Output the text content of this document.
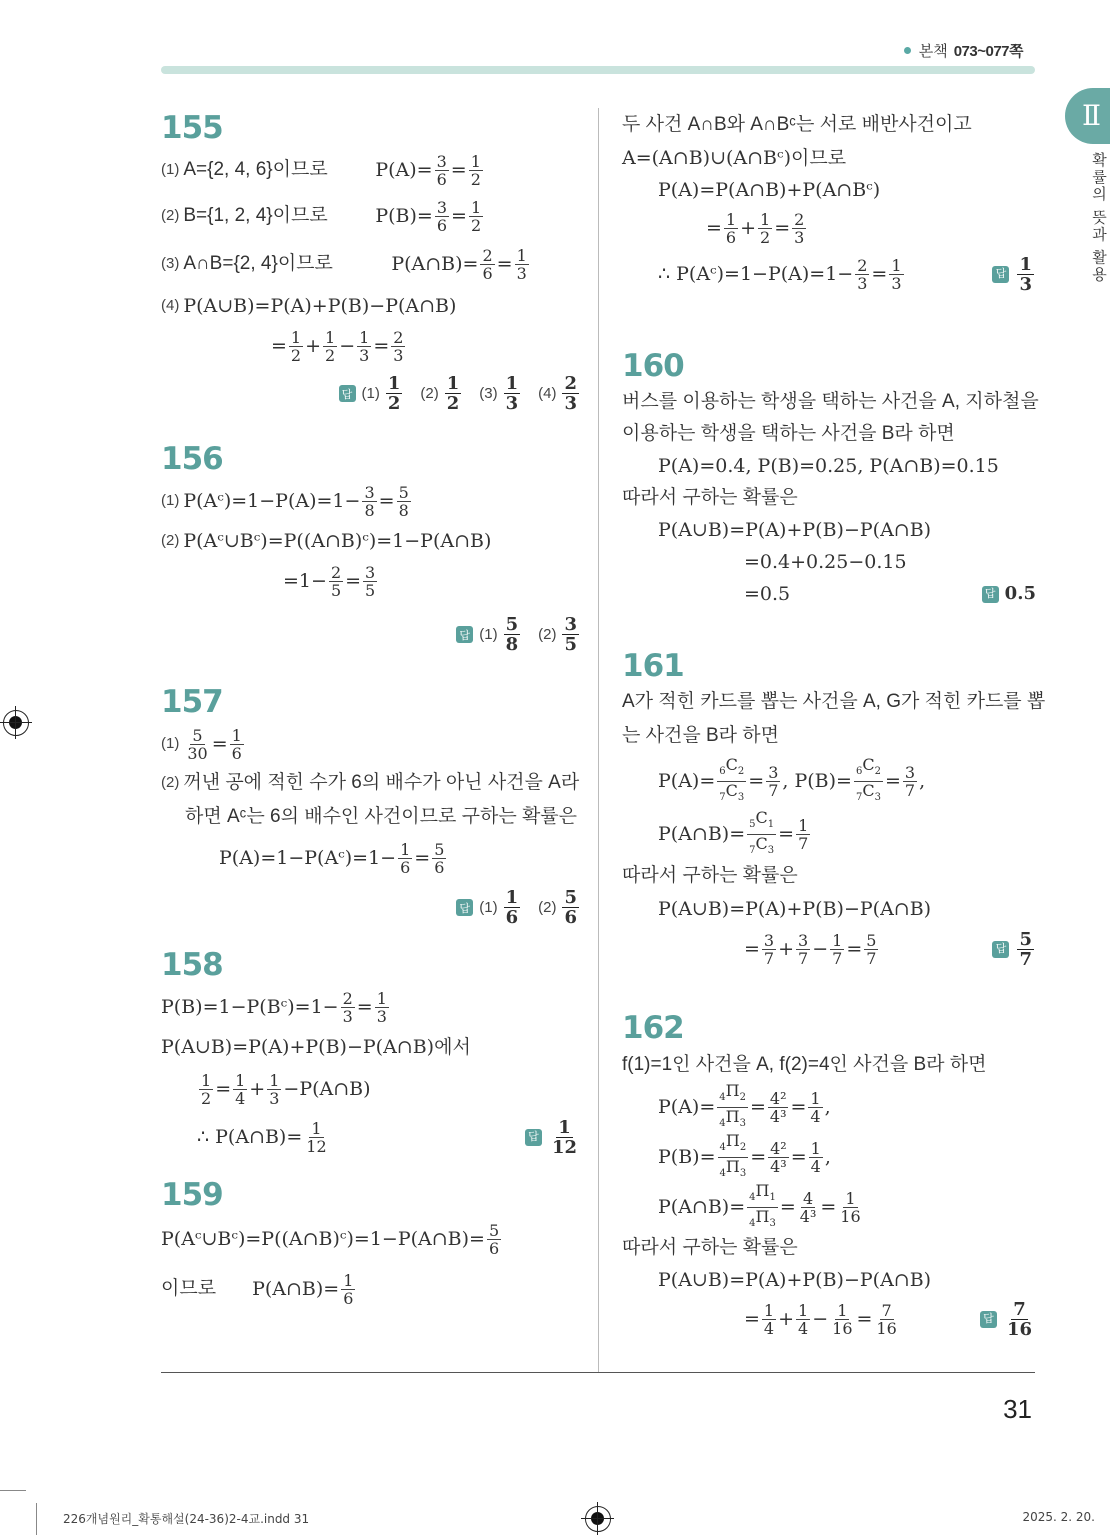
본책 073~077쪽
Ⅱ
확률의 뜻과 활용
155
(1) A={2, 4, 6}이므로	$P(A)= \frac{3}{6} = \frac{1}{2}$
(2) B={1, 2, 4}이므로	$P(B)= \frac{3}{6} = \frac{1}{2}$
(3) A∩B={2, 4}이므로	P(A∩B)= $\frac{2}{6} = \frac{1}{3}$
(4) P(A∪B)=P(A)+P(B)−P(A∩B)
= $\frac{1}{2} + \frac{1}{2} - \frac{1}{3} = \frac{2}{3}$
답 $(1) \frac{1}{2} (2) \frac{1}{2} (3) \frac{1}{3} (4) \frac{2}{3}$
156
(1) P(Aᶜ)=1−P(A)=1− $\frac{3}{8} = \frac{5}{8}$
(2) P(Aᶜ∪Bᶜ)=P((A∩B)ᶜ)=1−P(A∩B)
$=1- \frac{2}{5} = \frac{3}{5}$
답 $(1) \frac{5}{8} (2) \frac{3}{5}$
157
$(1) \frac{5}{30} = \frac{1}{6}$
(2) 꺼낸 공에 적힌 수가 6의 배수가 아닌 사건을 A라
하면 Aᶜ는 6의 배수인 사건이므로 구하는 확률은
P(A)=1−P(Aᶜ)=1− $\frac{1}{6} = \frac{5}{6}$
답 $(1) \frac{1}{6} (2) \frac{5}{6}$
158
P(B)=1−P(Bᶜ)=1− $\frac{2}{3} = \frac{1}{3}$
P(A∪B)=P(A)+P(B)−P(A∩B)에서
$\frac{1}{2} = \frac{1}{4} + \frac{1}{3}$ −P(A∩B)
∴ P(A∩B)= $\frac{1}{12}$	답 $\frac{1}{12}$
159
P(Aᶜ∪Bᶜ)=P((A∩B)ᶜ)=1−P(A∩B)= $\frac{5}{6}$
이므로 P(A∩B)= $\frac{1}{6}$
두 사건 A∩B와 A∩Bᶜ는 서로 배반사건이고
A=(A∩B)∪(A∩Bᶜ)이므로
P(A)=P(A∩B)+P(A∩Bᶜ)
= $\frac{1}{6} + \frac{1}{2} = \frac{2}{3}$
∴ P(Aᶜ)=1−P(A)=1− $\frac{2}{3} = \frac{1}{3}$	답 $\frac{1}{3}$
160
버스를 이용하는 학생을 택하는 사건을 A, 지하철을
이용하는 학생을 택하는 사건을 B라 하면
P(A)=0.4, P(B)=0.25, P(A∩B)=0.15
따라서 구하는 확률은
P(A∪B)=P(A)+P(B)−P(A∩B)
=0.4+0.25−0.15
=0.5	답 0.5
161
A가 적힌 카드를 뽑는 사건을 A, G가 적힌 카드를 뽑
는 사건을 B라 하면
$P(A)= \frac{_6C_2}{_7C_3} = \frac{3}{7}$ , $P(B)= \frac{_6C_2}{_7C_3} = \frac{3}{7}$ ,
P(A∩B)= $\frac{_5C_1}{_7C_3} = \frac{1}{7}$
따라서 구하는 확률은
P(A∪B)=P(A)+P(B)−P(A∩B)
= $\frac{3}{7} + \frac{3}{7} - \frac{1}{7} = \frac{5}{7}$	답 $\frac{5}{7}$
162
f(1)=1인 사건을 A, f(2)=4인 사건을 B라 하면
$P(A)= \frac{_4\Pi_2}{_4\Pi_3} = \frac{\text{4²}}{\text{4³}} = \frac{1}{4}$ ,
$P(B)= \frac{_4\Pi_2}{_4\Pi_3} = \frac{\text{4²}}{\text{4³}} = \frac{1}{4}$ ,
P(A∩B)= $\frac{_4\Pi_1}{_4\Pi_3} = \frac{4}{\text{4³}} = \frac{1}{16}$
따라서 구하는 확률은
P(A∪B)=P(A)+P(B)−P(A∩B)
= $\frac{1}{4} + \frac{1}{4} - \frac{1}{16} = \frac{7}{16}$	답 $\frac{7}{16}$
31
226개념원리_확통해설(24-36)2-4교.indd 31	2025. 2. 20.
